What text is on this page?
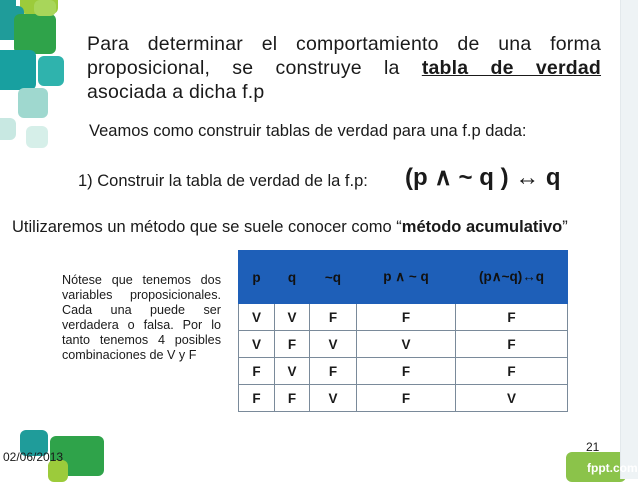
Para determinar el comportamiento de una forma
proposicional, se construye la tabla de verdad
asociada a dicha f.p
Veamos como construir tablas de verdad para una f.p dada:
1) Construir la tabla de verdad de la f.p: (p ∧ ~ q ) ↔ q
Utilizaremos un método que se suele conocer como “método acumulativo”
Nótese que tenemos dos variables proposicionales. Cada una puede ser verdadera o falsa. Por lo tanto tenemos 4 posibles combinaciones de V y F
p	q	~q	p ∧ ~ q	(p∧~q)↔q
V	V	F	F	F
V	F	V	V	F
F	V	F	F	F
F	F	V	F	V
21
02/06/2013
fppt.com
